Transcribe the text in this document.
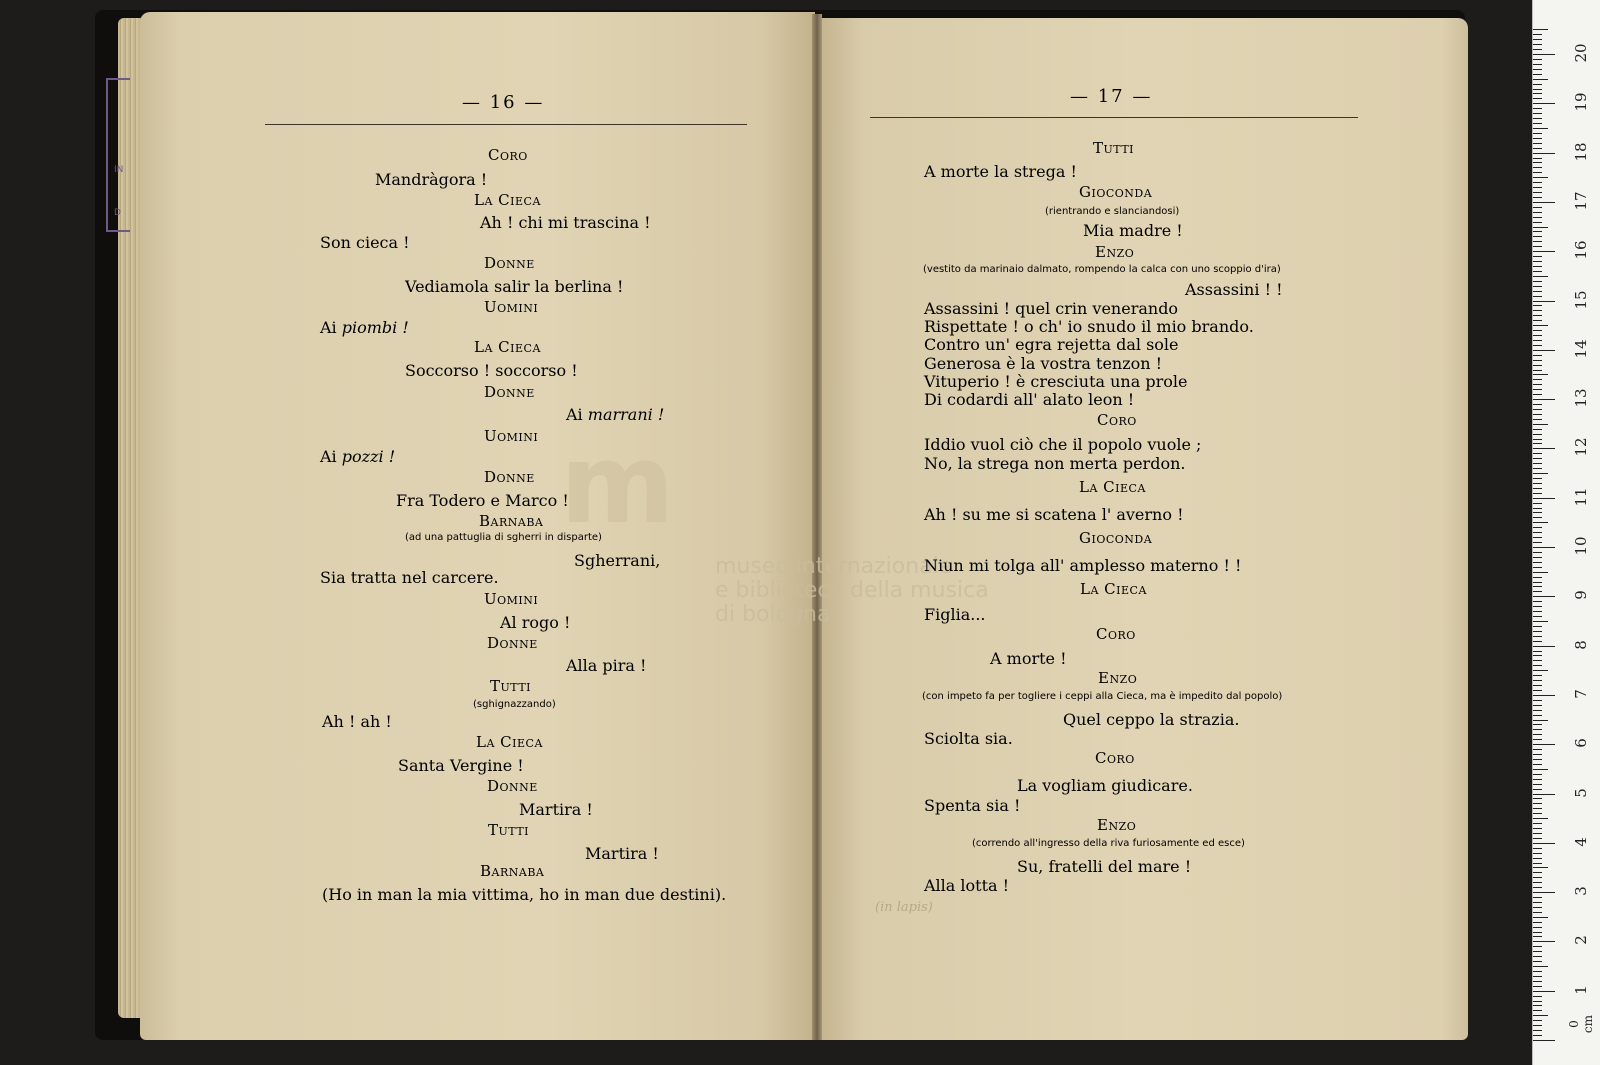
IN
D
m
museo internazionale
e biblioteca della musica
di bologna
(in lapis)
Coro
Mandràgora !
La Cieca
Ah ! chi mi trascina !
Son cieca !
Donne
Vediamola salir la berlina !
Uomini
Ai piombi !
La Cieca
Soccorso ! soccorso !
Donne
Ai marrani !
Uomini
Ai pozzi !
Donne
Fra Todero e Marco !
Barnaba
(ad una pattuglia di sgherri in disparte)
Sgherrani,
Sia tratta nel carcere.
Uomini
Al rogo !
Donne
Alla pira !
Tutti
(sghignazzando)
Ah ! ah !
La Cieca
Santa Vergine !
Donne
Martira !
Tutti
Martira !
Barnaba
(Ho in man la mia vittima, ho in man due destini).
Tutti
A morte la strega !
Gioconda
(rientrando e slanciandosi)
Mia madre !
Enzo
(vestito da marinaio dalmato, rompendo la calca con uno scoppio d'ira)
Assassini ! !
Assassini ! quel crin venerando
Rispettate ! o ch' io snudo il mio brando.
Contro un' egra rejetta dal sole
Generosa è la vostra tenzon !
Vituperio ! è cresciuta una prole
Di codardi all' alato leon !
Coro
Iddio vuol ciò che il popolo vuole ;
No, la strega non merta perdon.
La Cieca
Ah ! su me si scatena l' averno !
Gioconda
Niun mi tolga all' amplesso materno ! !
La Cieca
Figlia...
Coro
A morte !
Enzo
(con impeto fa per togliere i ceppi alla Cieca, ma è impedito dal popolo)
Quel ceppo la strazia.
Sciolta sia.
Coro
La vogliam giudicare.
Spenta sia !
Enzo
(correndo all'ingresso della riva furiosamente ed esce)
Su, fratelli del mare !
Alla lotta !
— 16 —	— 17 —
0 cm
1
2
3
4
5
6
7
8
9
10
11
12
13
14
15
16
17
18
19
20
